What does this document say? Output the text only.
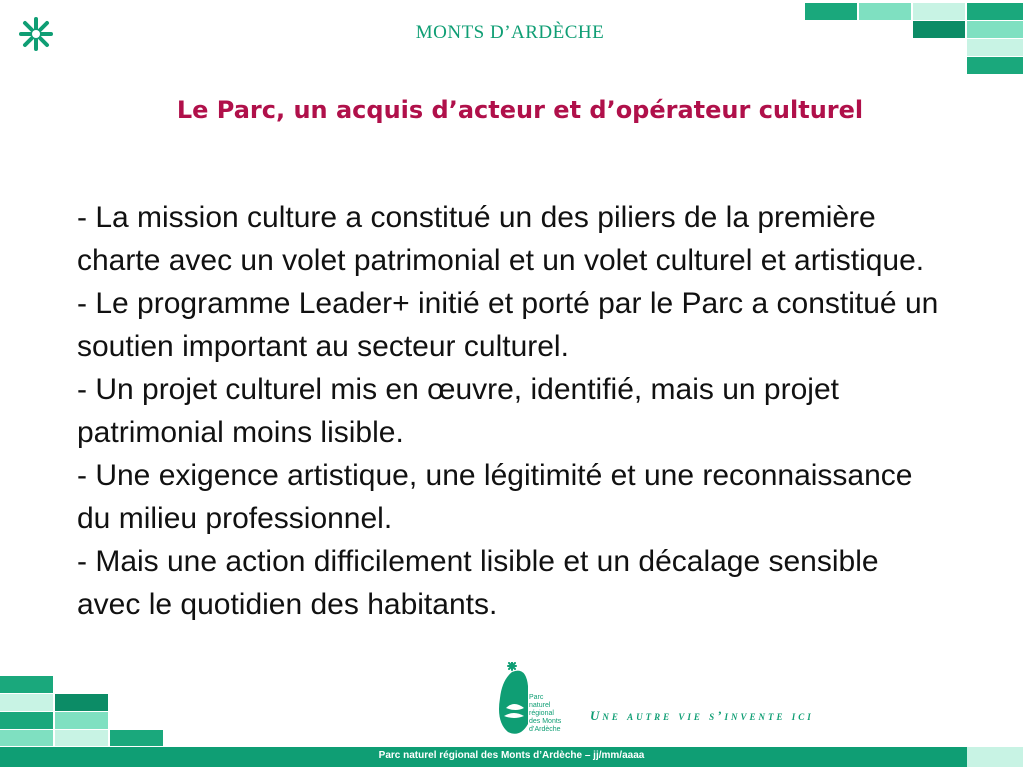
MONTS D’ARDÈCHE
Le Parc, un acquis d’acteur et d’opérateur culturel

- La mission culture a constitué un des piliers de la première charte avec un volet patrimonial et un volet culturel et artistique.

- Le programme Leader+ initié et porté par le Parc a constitué un soutien important au secteur culturel.

- Un projet culturel mis en œuvre, identifié, mais un projet patrimonial moins lisible.

- Une exigence artistique, une légitimité et une reconnaissance du milieu professionnel.

- Mais une action difficilement lisible et un décalage sensible avec le quotidien des habitants.

Parc
naturel
régional
des Monts d’Ardèche
Une autre vie s’invente ici
Parc naturel régional des Monts d’Ardèche – jj/mm/aaaa
